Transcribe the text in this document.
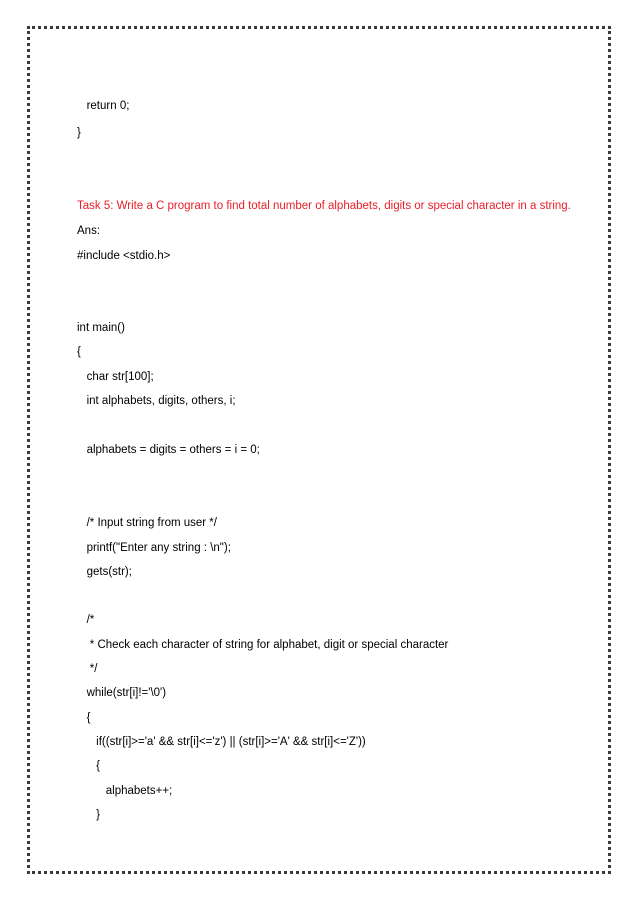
return 0;
}
Task 5: Write a C program to find total number of alphabets, digits or special character in a string.
Ans:
#include <stdio.h>
int main()
{
char str[100];
int alphabets, digits, others, i;
alphabets = digits = others = i = 0;
/* Input string from user */
printf("Enter any string : \n");
gets(str);
/*
* Check each character of string for alphabet, digit or special character
*/
while(str[i]!='\0')
{
if((str[i]>='a' && str[i]<='z') || (str[i]>='A' && str[i]<='Z'))
{
alphabets++;
}
